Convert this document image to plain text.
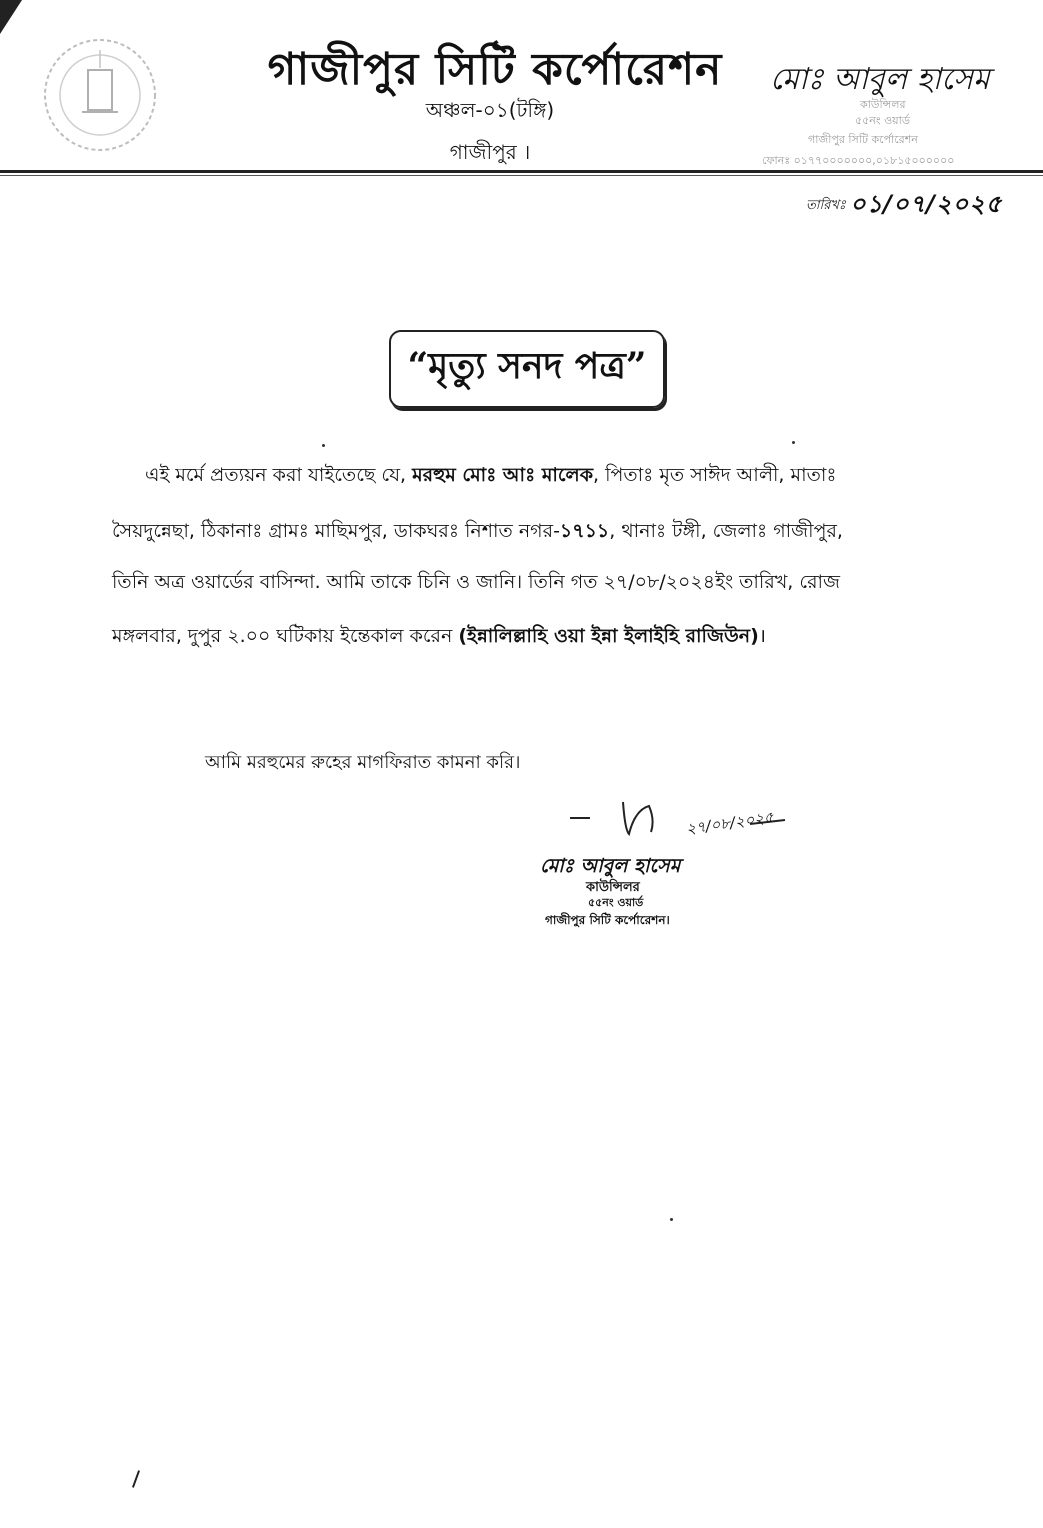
গাজীপুর সিটি কর্পোরেশন
অঞ্চল-০১(টঙ্গি)
গাজীপুর ।
মোঃ আবুল হাসেম
কাউন্সিলর
৫৫নং ওয়ার্ড
গাজীপুর সিটি কর্পোরেশন
ফোনঃ ০১৭৭০০০০০০০,০১৮১৫০০০০০০
তারিখঃ ০১/০৭/২০২৫
“মৃত্যু সনদ পত্র”
এই মর্মে প্রত্যয়ন করা যাইতেছে যে, মরহুম মোঃ আঃ মালেক, পিতাঃ মৃত সাঈদ আলী, মাতাঃ
সৈয়দুন্নেছা, ঠিকানাঃ গ্রামঃ মাছিমপুর, ডাকঘরঃ নিশাত নগর-১৭১১, থানাঃ টঙ্গী, জেলাঃ গাজীপুর,
তিনি অত্র ওয়ার্ডের বাসিন্দা. আমি তাকে চিনি ও জানি। তিনি গত ২৭/০৮/২০২৪ইং তারিখ, রোজ
মঙ্গলবার, দুপুর ২.০০ ঘটিকায় ইন্তেকাল করেন (ইন্নালিল্লাহি ওয়া ইন্না ইলাইহি রাজিউন)।
আমি মরহুমের রুহের মাগফিরাত কামনা করি।
২৭/০৮/২০২৫
মোঃ আবুল হাসেম
কাউন্সিলর
৫৫নং ওয়ার্ড
গাজীপুর সিটি কর্পোরেশন।
